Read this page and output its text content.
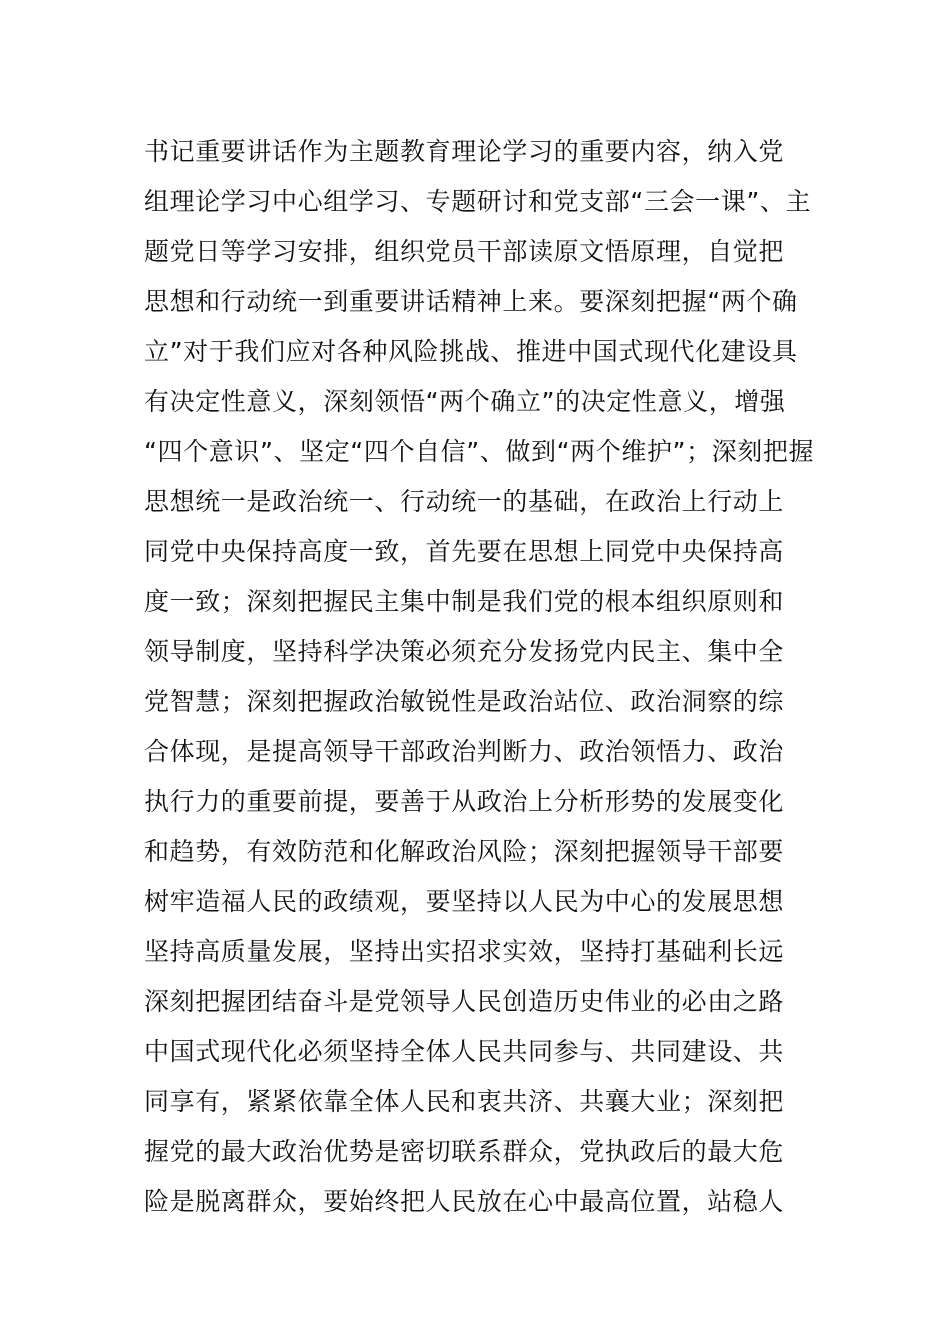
书记重要讲话作为主题教育理论学习的重要内容，纳入党
组理论学习中心组学习、专题研讨和党支部“三会一课”、主
题党日等学习安排，组织党员干部读原文悟原理，自觉把
思想和行动统一到重要讲话精神上来。要深刻把握“两个确
立”对于我们应对各种风险挑战、推进中国式现代化建设具
有决定性意义，深刻领悟“两个确立”的决定性意义，增强
“四个意识”、坚定“四个自信”、做到“两个维护”；深刻把握
思想统一是政治统一、行动统一的基础，在政治上行动上
同党中央保持高度一致，首先要在思想上同党中央保持高
度一致；深刻把握民主集中制是我们党的根本组织原则和
领导制度，坚持科学决策必须充分发扬党内民主、集中全
党智慧；深刻把握政治敏锐性是政治站位、政治洞察的综
合体现，是提高领导干部政治判断力、政治领悟力、政治
执行力的重要前提，要善于从政治上分析形势的发展变化
和趋势，有效防范和化解政治风险；深刻把握领导干部要
树牢造福人民的政绩观，要坚持以人民为中心的发展思想
坚持高质量发展，坚持出实招求实效，坚持打基础利长远
深刻把握团结奋斗是党领导人民创造历史伟业的必由之路
中国式现代化必须坚持全体人民共同参与、共同建设、共
同享有，紧紧依靠全体人民和衷共济、共襄大业；深刻把
握党的最大政治优势是密切联系群众，党执政后的最大危
险是脱离群众，要始终把人民放在心中最高位置，站稳人
